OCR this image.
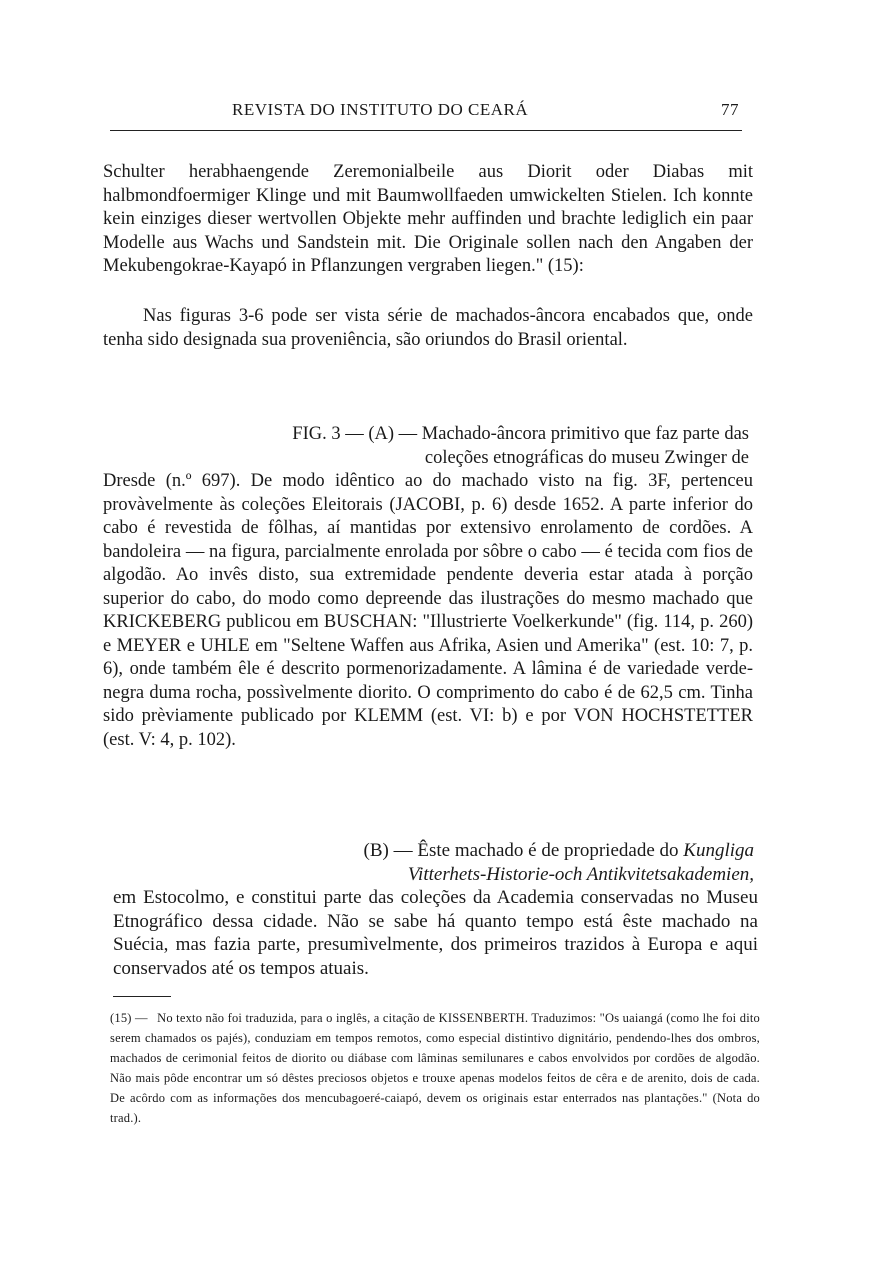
REVISTA DO INSTITUTO DO CEARÁ	77

Schulter herabhaengende Zeremonialbeile aus Diorit oder Diabas mit halbmondfoermiger Klinge und mit Baumwollfaeden umwickelten Stielen. Ich konnte kein einziges dieser wertvollen Objekte mehr auffinden und brachte lediglich ein paar Modelle aus Wachs und Sandstein mit. Die Originale sollen nach den Angaben der Mekubengokrae-Kayapó in Pflanzungen vergraben liegen." (15):

Nas figuras 3-6 pode ser vista série de machados-âncora encabados que, onde tenha sido designada sua proveniência, são oriundos do Brasil oriental.

FIG. 3 — (A) — Machado-âncora primitivo que faz parte das
coleções etnográficas do museu Zwinger de
Dresde (n.º 697). De modo idêntico ao do machado visto na fig. 3F, pertenceu provàvelmente às coleções Eleitorais (JACOBI, p. 6) desde 1652. A parte inferior do cabo é revestida de fôlhas, aí mantidas por extensivo enrolamento de cordões. A bandoleira — na figura, parcialmente enrolada por sôbre o cabo — é tecida com fios de algodão. Ao invês disto, sua extremidade pendente deveria estar atada à porção superior do cabo, do modo como depreende das ilustrações do mesmo machado que KRICKEBERG publicou em BUSCHAN: "Illustrierte Voelkerkunde" (fig. 114, p. 260) e MEYER e UHLE em "Seltene Waffen aus Afrika, Asien und Amerika" (est. 10: 7, p. 6), onde também êle é descrito pormenorizadamente. A lâmina é de variedade verde-negra duma rocha, possìvelmente diorito. O comprimento do cabo é de 62,5 cm. Tinha sido prèviamente publicado por KLEMM (est. VI: b) e por VON HOCHSTETTER (est. V: 4, p. 102).
(B) — Êste machado é de propriedade do Kungliga
Vitterhets-Historie-och Antikvitetsakademien,
em Estocolmo, e constitui parte das coleções da Academia conservadas no Museu Etnográfico dessa cidade. Não se sabe há quanto tempo está êste machado na Suécia, mas fazia parte, presumìvelmente, dos primeiros trazidos à Europa e aqui conservados até os tempos atuais.

(15) — No texto não foi traduzida, para o inglês, a citação de KISSENBERTH. Traduzimos: "Os uaiangá (como lhe foi dito serem chamados os pajés), conduziam em tempos remotos, como especial distintivo dignitário, pendendo-lhes dos ombros, machados de cerimonial feitos de diorito ou diábase com lâminas semilunares e cabos envolvidos por cordões de algodão. Não mais pôde encontrar um só dêstes preciosos objetos e trouxe apenas modelos feitos de cêra e de arenito, dois de cada. De acôrdo com as informações dos mencubagoeré-caiapó, devem os originais estar enterrados nas plantações." (Nota do trad.).
